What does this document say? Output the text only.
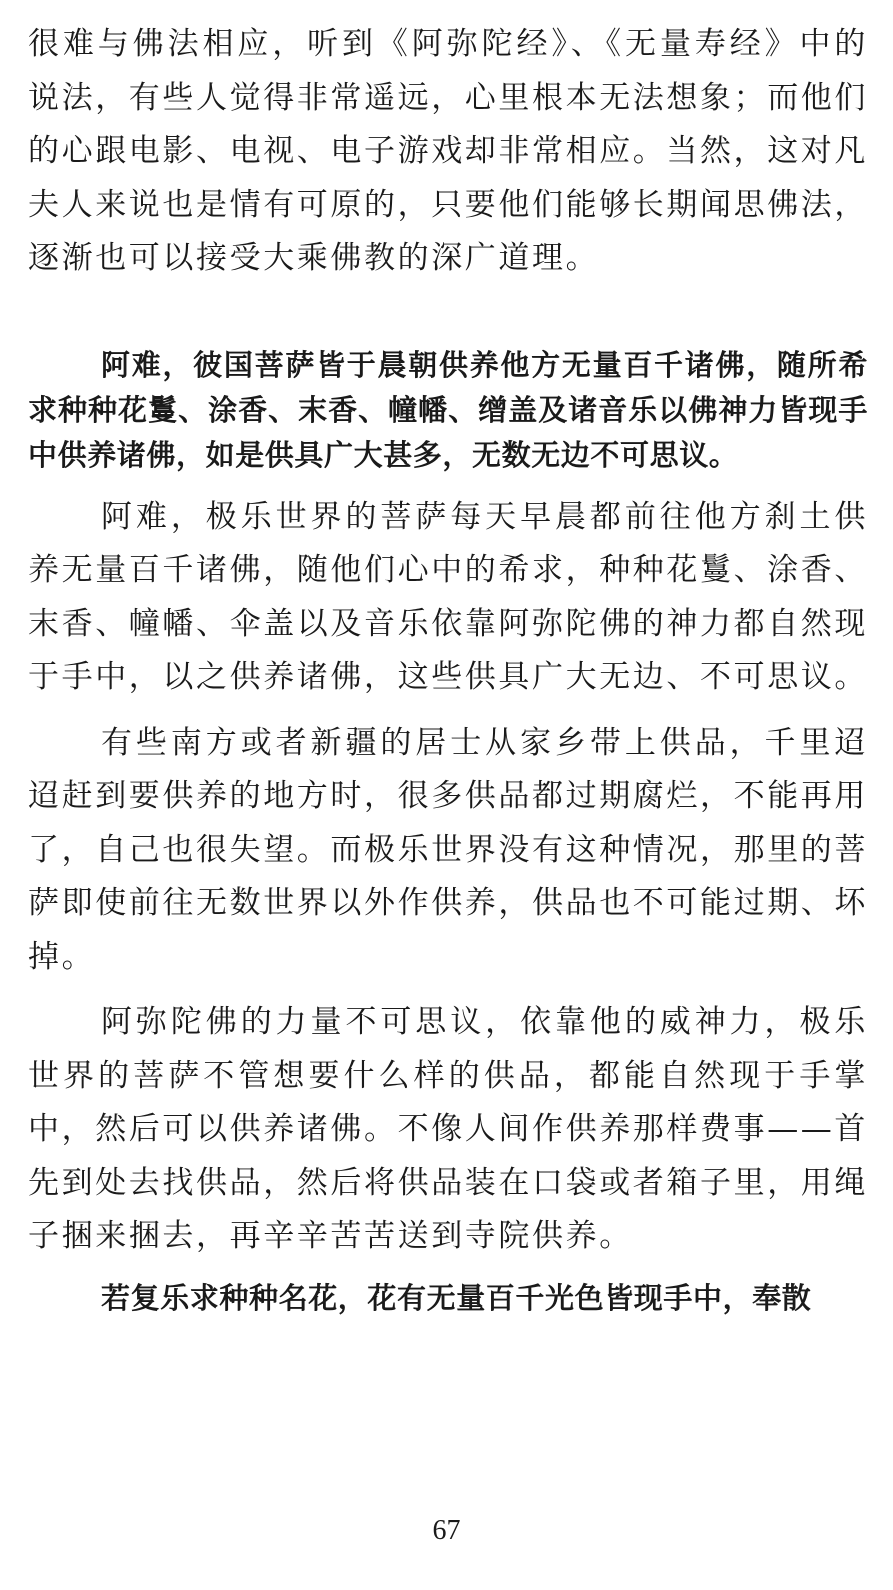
很难与佛法相应，听到《阿弥陀经》、《无量寿经》中的说法，有些人觉得非常遥远，心里根本无法想象；而他们的心跟电影、电视、电子游戏却非常相应。当然，这对凡夫人来说也是情有可原的，只要他们能够长期闻思佛法，逐渐也可以接受大乘佛教的深广道理。

阿难，彼国菩萨皆于晨朝供养他方无量百千诸佛，随所希求种种花鬘、涂香、末香、幢幡、缯盖及诸音乐以佛神力皆现手中供养诸佛，如是供具广大甚多，无数无边不可思议。

阿难，极乐世界的菩萨每天早晨都前往他方刹土供养无量百千诸佛，随他们心中的希求，种种花鬘、涂香、末香、幢幡、伞盖以及音乐依靠阿弥陀佛的神力都自然现于手中，以之供养诸佛，这些供具广大无边、不可思议。

有些南方或者新疆的居士从家乡带上供品，千里迢迢赶到要供养的地方时，很多供品都过期腐烂，不能再用了，自己也很失望。而极乐世界没有这种情况，那里的菩萨即使前往无数世界以外作供养，供品也不可能过期、坏掉。

阿弥陀佛的力量不可思议，依靠他的威神力，极乐世界的菩萨不管想要什么样的供品，都能自然现于手掌中，然后可以供养诸佛。不像人间作供养那样费事——首先到处去找供品，然后将供品装在口袋或者箱子里，用绳子捆来捆去，再辛辛苦苦送到寺院供养。

若复乐求种种名花，花有无量百千光色皆现手中，奉散

67
